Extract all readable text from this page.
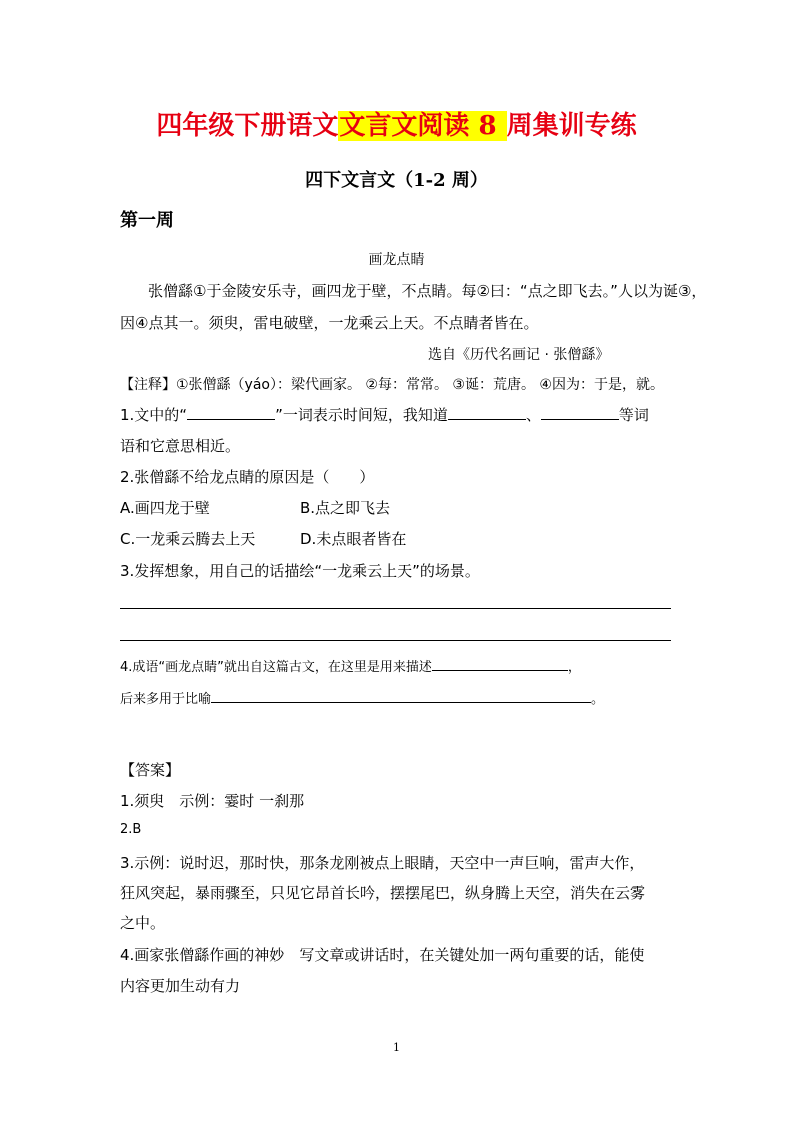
四年级下册语文文言文阅读 8 周集训专练
四下文言文（1-2 周）
第一周
画龙点睛
张僧繇①于金陵安乐寺，画四龙于壁，不点睛。每②曰：“点之即飞去。”人以为诞③，
因④点其一。须臾，雷电破壁，一龙乘云上天。不点睛者皆在。
选自《历代名画记 · 张僧繇》
【注释】①张僧繇（yáo）：梁代画家。 ②每：常常。 ③诞：荒唐。 ④因为：于是，就。
1.文中的“	”一词表示时间短，我知道	、	等词
语和它意思相近。
2.张僧繇不给龙点睛的原因是（　　）
A.画四龙于壁	B.点之即飞去
C.一龙乘云腾去上天	D.未点眼者皆在
3.发挥想象，用自己的话描绘“一龙乘云上天”的场景。
4.成语“画龙点睛”就出自这篇古文，在这里是用来描述	，
后来多用于比喻	。
【答案】
1.须臾　示例：霎时 一刹那
2.B
3.示例：说时迟，那时快，那条龙刚被点上眼睛，天空中一声巨响，雷声大作，
狂风突起，暴雨骤至，只见它昂首长吟，摆摆尾巴，纵身腾上天空，消失在云雾
之中。
4.画家张僧繇作画的神妙　写文章或讲话时，在关键处加一两句重要的话，能使
内容更加生动有力
1
